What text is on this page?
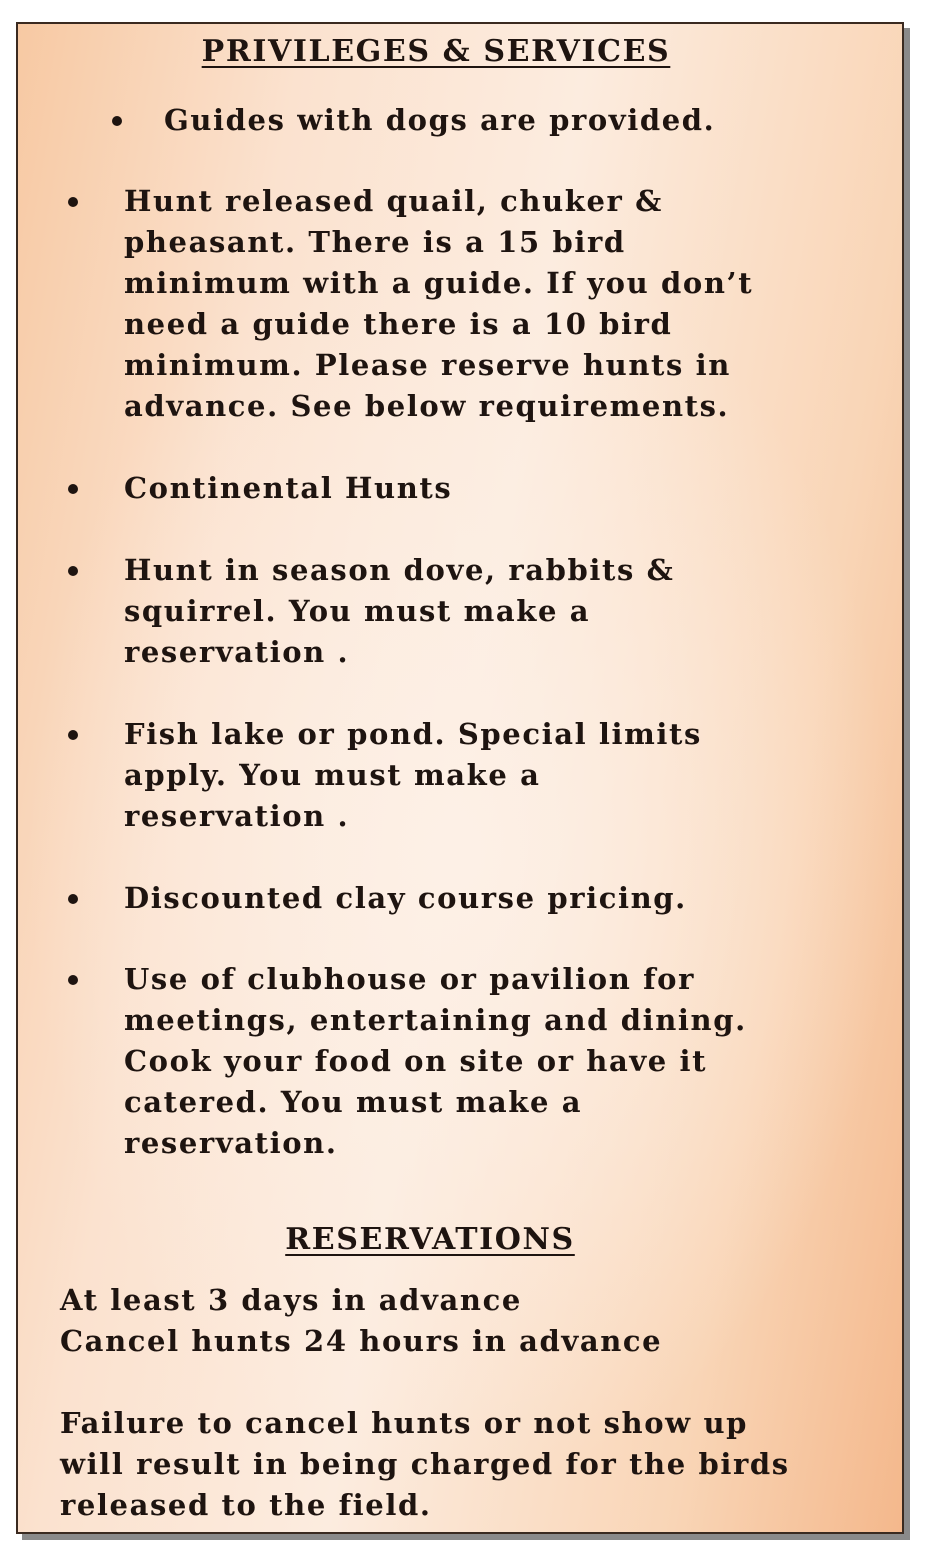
PRIVILEGES & SERVICES
Guides with dogs are provided.
Hunt released quail, chuker &
pheasant. There is a 15 bird
minimum with a guide. If you don’t
need a guide there is a 10 bird
minimum. Please reserve hunts in
advance. See below requirements.
Continental Hunts
Hunt in season dove, rabbits &
squirrel. You must make a
reservation .
Fish lake or pond. Special limits
apply. You must make a
reservation .
Discounted clay course pricing.
Use of clubhouse or pavilion for
meetings, entertaining and dining.
Cook your food on site or have it
catered. You must make a
reservation.
RESERVATIONS
At least 3 days in advance
Cancel hunts 24 hours in advance
Failure to cancel hunts or not show up
will result in being charged for the birds
released to the field.
